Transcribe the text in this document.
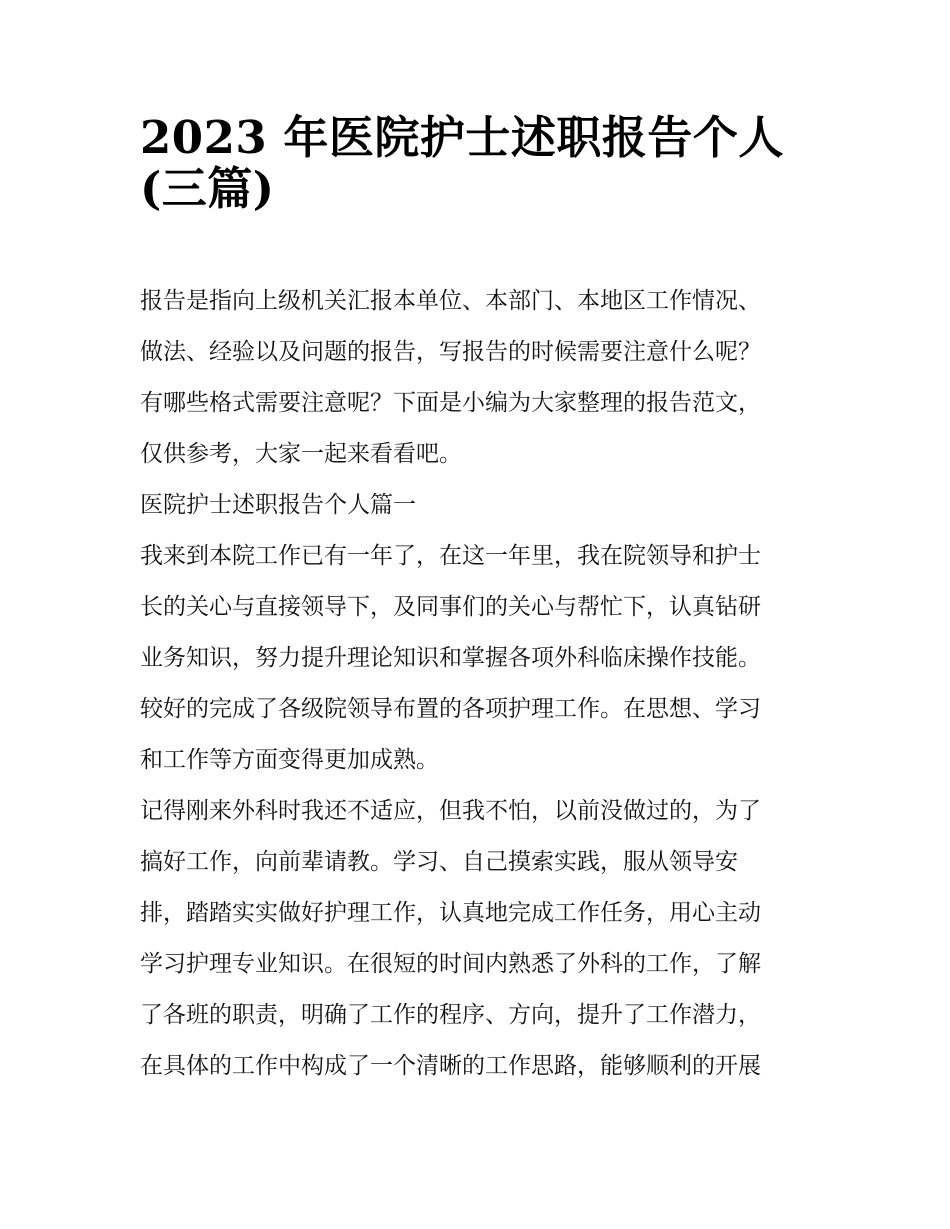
2023 年医院护士述职报告个人
(三篇)
报告是指向上级机关汇报本单位、本部门、本地区工作情况、
做法、经验以及问题的报告，写报告的时候需要注意什么呢？
有哪些格式需要注意呢？下面是小编为大家整理的报告范文，
仅供参考，大家一起来看看吧。
医院护士述职报告个人篇一
我来到本院工作已有一年了，在这一年里，我在院领导和护士
长的关心与直接领导下，及同事们的关心与帮忙下，认真钻研
业务知识，努力提升理论知识和掌握各项外科临床操作技能。
较好的完成了各级院领导布置的各项护理工作。在思想、学习
和工作等方面变得更加成熟。
记得刚来外科时我还不适应，但我不怕，以前没做过的，为了
搞好工作，向前辈请教。学习、自己摸索实践，服从领导安
排，踏踏实实做好护理工作，认真地完成工作任务，用心主动
学习护理专业知识。在很短的时间内熟悉了外科的工作，了解
了各班的职责，明确了工作的程序、方向，提升了工作潜力，
在具体的工作中构成了一个清晰的工作思路，能够顺利的开展
